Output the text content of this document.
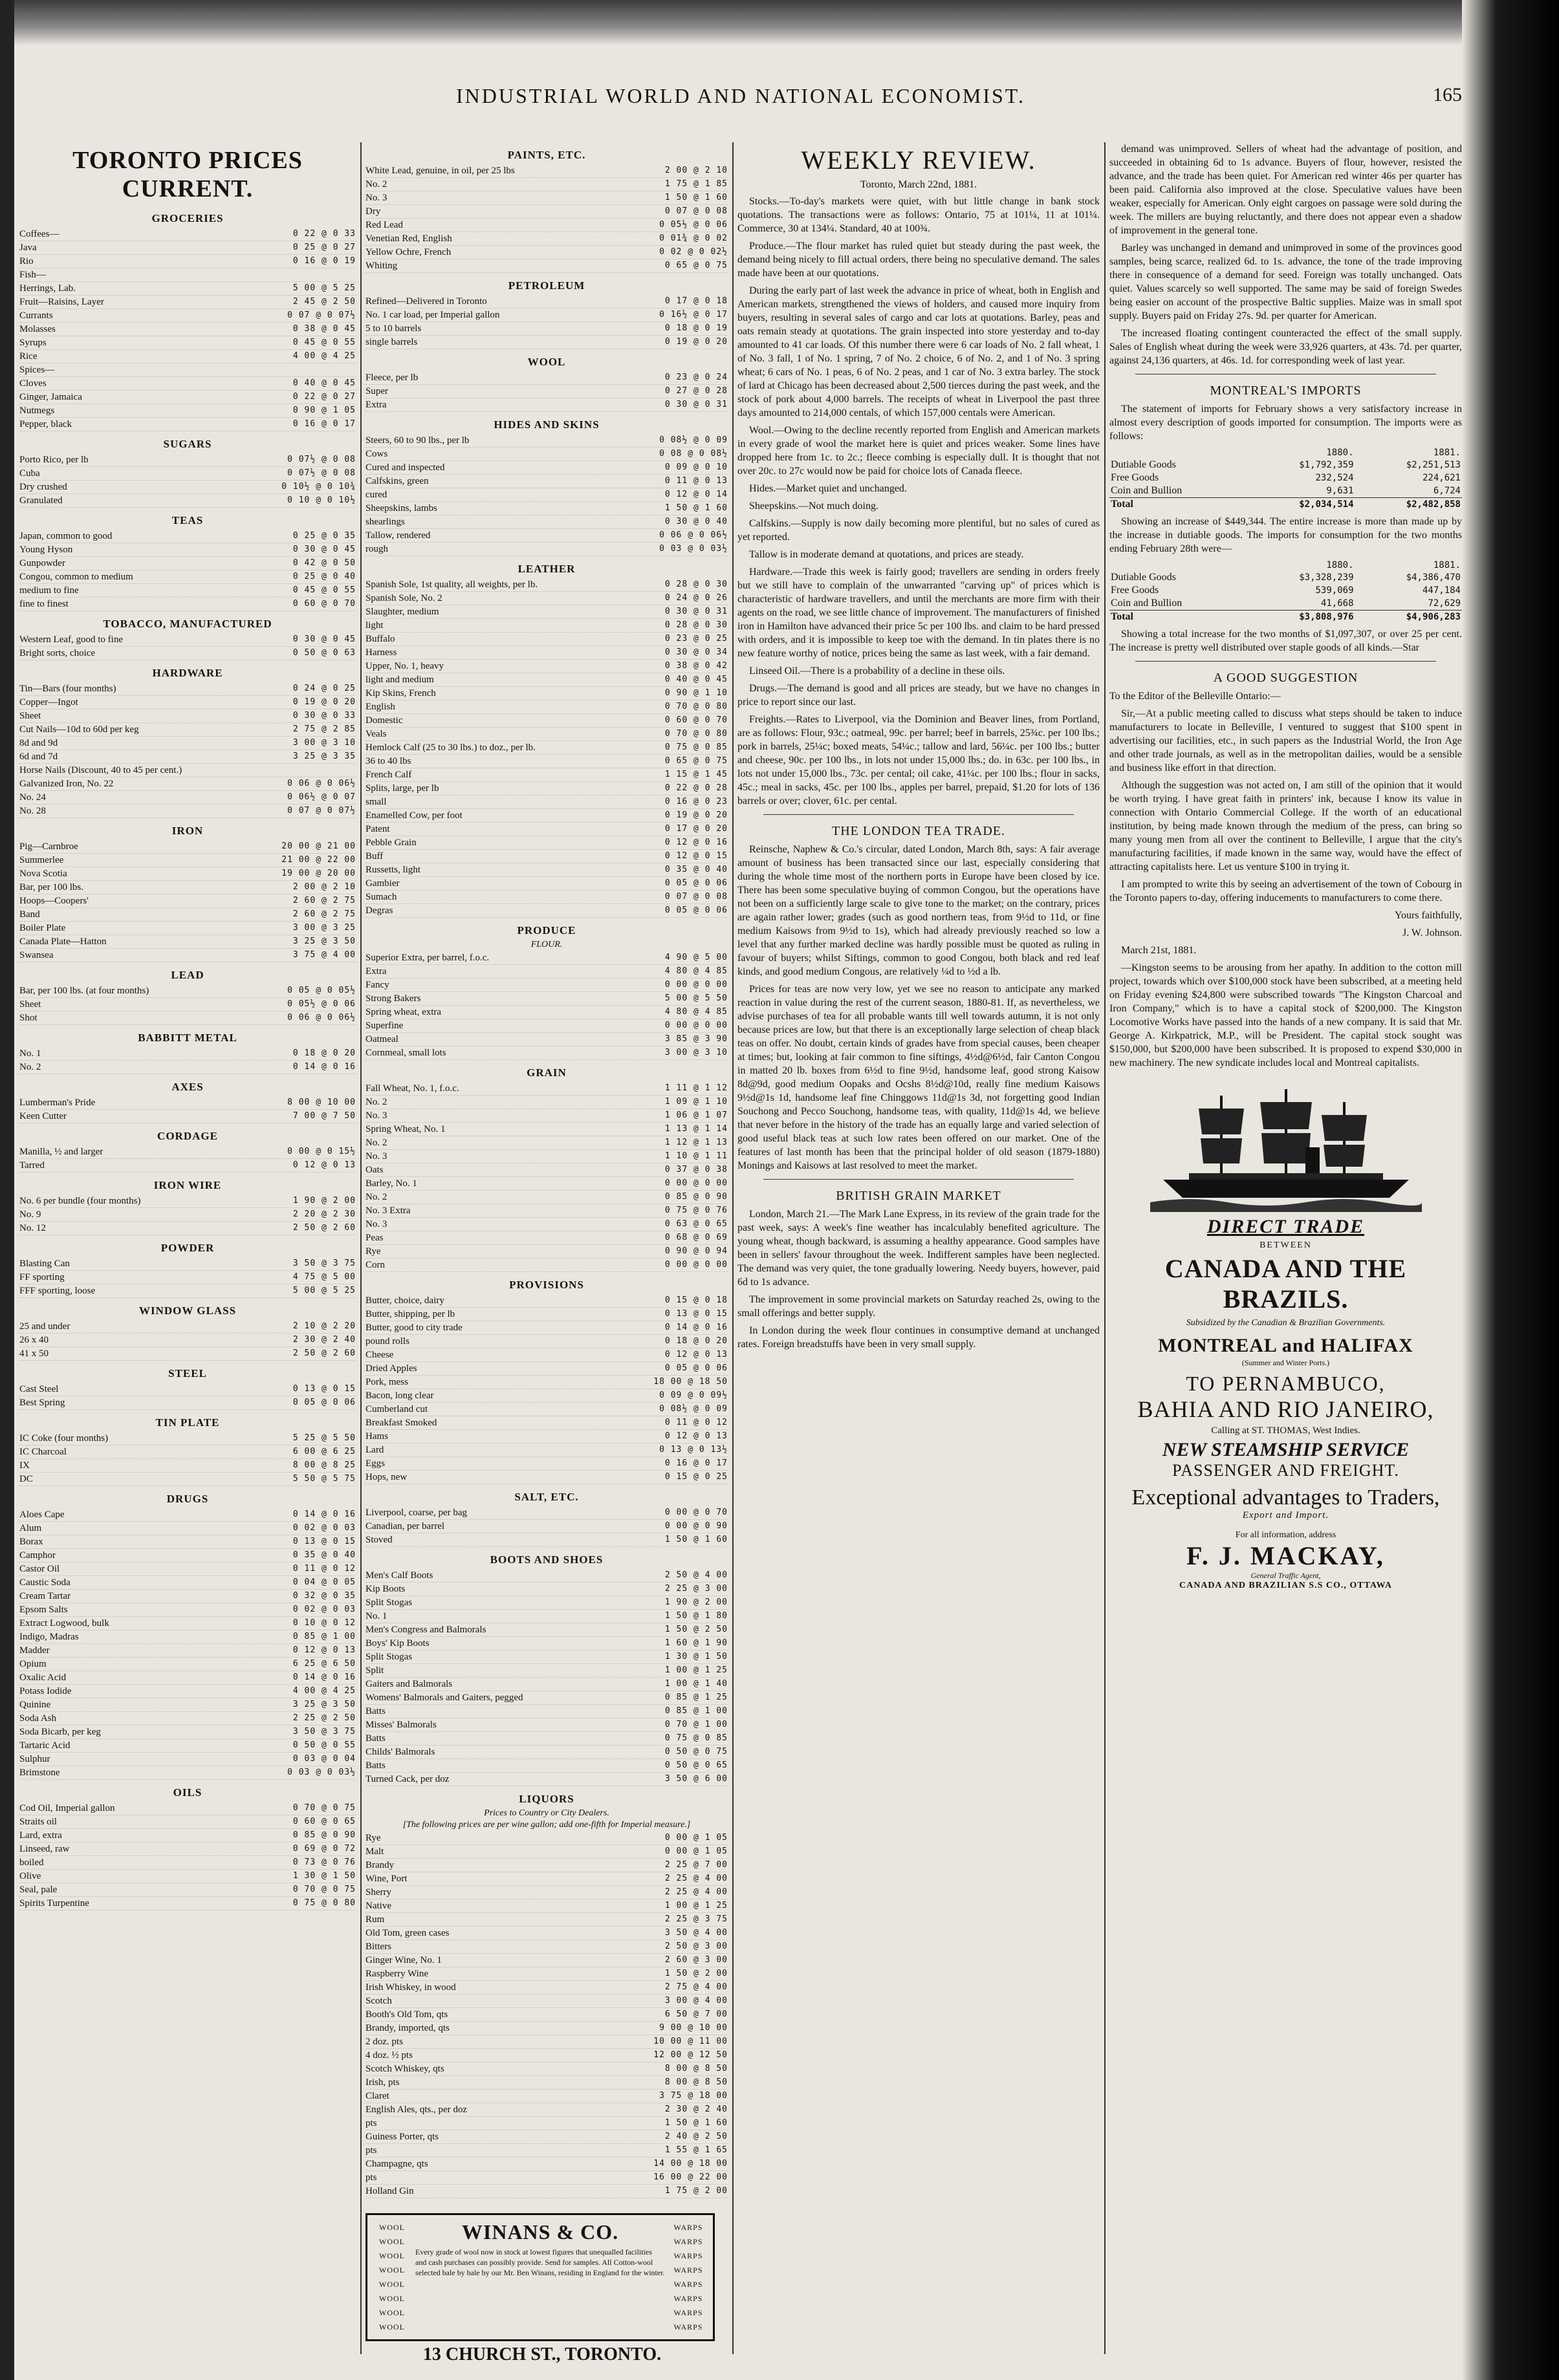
INDUSTRIAL WORLD AND NATIONAL ECONOMIST.	165
TORONTO PRICES CURRENT.
GROCERIES
Coffees—	0 22 @ 0 33
Java	0 25 @ 0 27
Rio	0 16 @ 0 19
Fish—
Herrings, Lab.	5 00 @ 5 25
Fruit—Raisins, Layer	2 45 @ 2 50
Currants	0 07 @ 0 07½
Molasses	0 38 @ 0 45
Syrups	0 45 @ 0 55
Rice	4 00 @ 4 25
Spices—
Cloves	0 40 @ 0 45
Ginger, Jamaica	0 22 @ 0 27
Nutmegs	0 90 @ 1 05
Pepper, black	0 16 @ 0 17
SUGARS
Porto Rico, per lb	0 07½ @ 0 08
Cuba	0 07½ @ 0 08
Dry crushed	0 10½ @ 0 10¾
Granulated	0 10 @ 0 10½
TEAS
Japan, common to good	0 25 @ 0 35
Young Hyson	0 30 @ 0 45
Gunpowder	0 42 @ 0 50
Congou, common to medium	0 25 @ 0 40
medium to fine	0 45 @ 0 55
fine to finest	0 60 @ 0 70
TOBACCO, MANUFACTURED
Western Leaf, good to fine	0 30 @ 0 45
Bright sorts, choice	0 50 @ 0 63
HARDWARE
Tin—Bars (four months)	0 24 @ 0 25
Copper—Ingot	0 19 @ 0 20
Sheet	0 30 @ 0 33
Cut Nails—10d to 60d per keg	2 75 @ 2 85
8d and 9d	3 00 @ 3 10
6d and 7d	3 25 @ 3 35
Horse Nails (Discount, 40 to 45 per cent.)
Galvanized Iron, No. 22	0 06 @ 0 06½
No. 24	0 06½ @ 0 07
No. 28	0 07 @ 0 07½
IRON
Pig—Carnbroe	20 00 @ 21 00
Summerlee	21 00 @ 22 00
Nova Scotia	19 00 @ 20 00
Bar, per 100 lbs.	2 00 @ 2 10
Hoops—Coopers'	2 60 @ 2 75
Band	2 60 @ 2 75
Boiler Plate	3 00 @ 3 25
Canada Plate—Hatton	3 25 @ 3 50
Swansea	3 75 @ 4 00
LEAD
Bar, per 100 lbs. (at four months)	0 05 @ 0 05½
Sheet	0 05½ @ 0 06
Shot	0 06 @ 0 06½
BABBITT METAL
No. 1	0 18 @ 0 20
No. 2	0 14 @ 0 16
AXES
Lumberman's Pride	8 00 @ 10 00
Keen Cutter	7 00 @ 7 50
CORDAGE
Manilla, ½ and larger	0 00 @ 0 15½
Tarred	0 12 @ 0 13
IRON WIRE
No. 6 per bundle (four months)	1 90 @ 2 00
No. 9	2 20 @ 2 30
No. 12	2 50 @ 2 60
POWDER
Blasting Can	3 50 @ 3 75
FF sporting	4 75 @ 5 00
FFF sporting, loose	5 00 @ 5 25
WINDOW GLASS
25 and under	2 10 @ 2 20
26 x 40	2 30 @ 2 40
41 x 50	2 50 @ 2 60
STEEL
Cast Steel	0 13 @ 0 15
Best Spring	0 05 @ 0 06
TIN PLATE
IC Coke (four months)	5 25 @ 5 50
IC Charcoal	6 00 @ 6 25
IX	8 00 @ 8 25
DC	5 50 @ 5 75
DRUGS
Aloes Cape	0 14 @ 0 16
Alum	0 02 @ 0 03
Borax	0 13 @ 0 15
Camphor	0 35 @ 0 40
Castor Oil	0 11 @ 0 12
Caustic Soda	0 04 @ 0 05
Cream Tartar	0 32 @ 0 35
Epsom Salts	0 02 @ 0 03
Extract Logwood, bulk	0 10 @ 0 12
Indigo, Madras	0 85 @ 1 00
Madder	0 12 @ 0 13
Opium	6 25 @ 6 50
Oxalic Acid	0 14 @ 0 16
Potass Iodide	4 00 @ 4 25
Quinine	3 25 @ 3 50
Soda Ash	2 25 @ 2 50
Soda Bicarb, per keg	3 50 @ 3 75
Tartaric Acid	0 50 @ 0 55
Sulphur	0 03 @ 0 04
Brimstone	0 03 @ 0 03½
OILS
Cod Oil, Imperial gallon	0 70 @ 0 75
Straits oil	0 60 @ 0 65
Lard, extra	0 85 @ 0 90
Linseed, raw	0 69 @ 0 72
boiled	0 73 @ 0 76
Olive	1 30 @ 1 50
Seal, pale	0 70 @ 0 75
Spirits Turpentine	0 75 @ 0 80
PAINTS, ETC.
White Lead, genuine, in oil, per 25 lbs	2 00 @ 2 10
No. 2	1 75 @ 1 85
No. 3	1 50 @ 1 60
Dry	0 07 @ 0 08
Red Lead	0 05½ @ 0 06
Venetian Red, English	0 01¾ @ 0 02
Yellow Ochre, French	0 02 @ 0 02½
Whiting	0 65 @ 0 75
PETROLEUM
Refined—Delivered in Toronto	0 17 @ 0 18
No. 1 car load, per Imperial gallon	0 16½ @ 0 17
5 to 10 barrels	0 18 @ 0 19
single barrels	0 19 @ 0 20
WOOL
Fleece, per lb	0 23 @ 0 24
Super	0 27 @ 0 28
Extra	0 30 @ 0 31
HIDES AND SKINS
Steers, 60 to 90 lbs., per lb	0 08½ @ 0 09
Cows	0 08 @ 0 08½
Cured and inspected	0 09 @ 0 10
Calfskins, green	0 11 @ 0 13
cured	0 12 @ 0 14
Sheepskins, lambs	1 50 @ 1 60
shearlings	0 30 @ 0 40
Tallow, rendered	0 06 @ 0 06½
rough	0 03 @ 0 03½
LEATHER
Spanish Sole, 1st quality, all weights, per lb.	0 28 @ 0 30
Spanish Sole, No. 2	0 24 @ 0 26
Slaughter, medium	0 30 @ 0 31
light	0 28 @ 0 30
Buffalo	0 23 @ 0 25
Harness	0 30 @ 0 34
Upper, No. 1, heavy	0 38 @ 0 42
light and medium	0 40 @ 0 45
Kip Skins, French	0 90 @ 1 10
English	0 70 @ 0 80
Domestic	0 60 @ 0 70
Veals	0 70 @ 0 80
Hemlock Calf (25 to 30 lbs.) to doz., per lb.	0 75 @ 0 85
36 to 40 lbs	0 65 @ 0 75
French Calf	1 15 @ 1 45
Splits, large, per lb	0 22 @ 0 28
small	0 16 @ 0 23
Enamelled Cow, per foot	0 19 @ 0 20
Patent	0 17 @ 0 20
Pebble Grain	0 12 @ 0 16
Buff	0 12 @ 0 15
Russetts, light	0 35 @ 0 40
Gambier	0 05 @ 0 06
Sumach	0 07 @ 0 08
Degras	0 05 @ 0 06
PRODUCE
FLOUR.
Superior Extra, per barrel, f.o.c.	4 90 @ 5 00
Extra	4 80 @ 4 85
Fancy	0 00 @ 0 00
Strong Bakers	5 00 @ 5 50
Spring wheat, extra	4 80 @ 4 85
Superfine	0 00 @ 0 00
Oatmeal	3 85 @ 3 90
Cornmeal, small lots	3 00 @ 3 10
GRAIN
Fall Wheat, No. 1, f.o.c.	1 11 @ 1 12
No. 2	1 09 @ 1 10
No. 3	1 06 @ 1 07
Spring Wheat, No. 1	1 13 @ 1 14
No. 2	1 12 @ 1 13
No. 3	1 10 @ 1 11
Oats	0 37 @ 0 38
Barley, No. 1	0 00 @ 0 00
No. 2	0 85 @ 0 90
No. 3 Extra	0 75 @ 0 76
No. 3	0 63 @ 0 65
Peas	0 68 @ 0 69
Rye	0 90 @ 0 94
Corn	0 00 @ 0 00
PROVISIONS
Butter, choice, dairy	0 15 @ 0 18
Butter, shipping, per lb	0 13 @ 0 15
Butter, good to city trade	0 14 @ 0 16
pound rolls	0 18 @ 0 20
Cheese	0 12 @ 0 13
Dried Apples	0 05 @ 0 06
Pork, mess	18 00 @ 18 50
Bacon, long clear	0 09 @ 0 09½
Cumberland cut	0 08½ @ 0 09
Breakfast Smoked	0 11 @ 0 12
Hams	0 12 @ 0 13
Lard	0 13 @ 0 13½
Eggs	0 16 @ 0 17
Hops, new	0 15 @ 0 25
SALT, ETC.
Liverpool, coarse, per bag	0 00 @ 0 70
Canadian, per barrel	0 00 @ 0 90
Stoved	1 50 @ 1 60
BOOTS AND SHOES
Men's Calf Boots	2 50 @ 4 00
Kip Boots	2 25 @ 3 00
Split Stogas	1 90 @ 2 00
No. 1	1 50 @ 1 80
Men's Congress and Balmorals	1 50 @ 2 50
Boys' Kip Boots	1 60 @ 1 90
Split Stogas	1 30 @ 1 50
Split	1 00 @ 1 25
Gaiters and Balmorals	1 00 @ 1 40
Womens' Balmorals and Gaiters, pegged	0 85 @ 1 25
Batts	0 85 @ 1 00
Misses' Balmorals	0 70 @ 1 00
Batts	0 75 @ 0 85
Childs' Balmorals	0 50 @ 0 75
Batts	0 50 @ 0 65
Turned Cack, per doz	3 50 @ 6 00
LIQUORS
Prices to Country or City Dealers.
[The following prices are per wine gallon; add one-fifth for Imperial measure.]
Rye	0 00 @ 1 05
Malt	0 00 @ 1 05
Brandy	2 25 @ 7 00
Wine, Port	2 25 @ 4 00
Sherry	2 25 @ 4 00
Native	1 00 @ 1 25
Rum	2 25 @ 3 75
Old Tom, green cases	3 50 @ 4 00
Bitters	2 50 @ 3 00
Ginger Wine, No. 1	2 60 @ 3 00
Raspberry Wine	1 50 @ 2 00
Irish Whiskey, in wood	2 75 @ 4 00
Scotch	3 00 @ 4 00
Booth's Old Tom, qts	6 50 @ 7 00
Brandy, imported, qts	9 00 @ 10 00
2 doz. pts	10 00 @ 11 00
4 doz. ½ pts	12 00 @ 12 50
Scotch Whiskey, qts	8 00 @ 8 50
Irish, pts	8 00 @ 8 50
Claret	3 75 @ 18 00
English Ales, qts., per doz	2 30 @ 2 40
pts	1 50 @ 1 60
Guiness Porter, qts	2 40 @ 2 50
pts	1 55 @ 1 65
Champagne, qts	14 00 @ 18 00
pts	16 00 @ 22 00
Holland Gin	1 75 @ 2 00
WOOL
WOOL
WOOL
WOOL
WOOL
WOOL
WOOL
WOOL
WINANS & CO.
Every grade of wool now in stock at lowest figures that unequalled facilities and cash purchases can possibly provide. Send for samples. All Cotton-wool selected bale by bale by our Mr. Ben Winans, residing in England for the winter.
WARPS
WARPS
WARPS
WARPS
WARPS
WARPS
WARPS
WARPS
13 CHURCH ST., TORONTO.
WEEKLY REVIEW.
Toronto, March 22nd, 1881.

Stocks.—To-day's markets were quiet, with but little change in bank stock quotations. The transactions were as follows: Ontario, 75 at 101¼, 11 at 101¼. Commerce, 30 at 134¼. Standard, 40 at 100¾.

Produce.—The flour market has ruled quiet but steady during the past week, the demand being nicely to fill actual orders, there being no speculative demand. The sales made have been at our quotations.

During the early part of last week the advance in price of wheat, both in English and American markets, strengthened the views of holders, and caused more inquiry from buyers, resulting in several sales of cargo and car lots at quotations. Barley, peas and oats remain steady at quotations. The grain inspected into store yesterday and to-day amounted to 41 car loads. Of this number there were 6 car loads of No. 2 fall wheat, 1 of No. 3 fall, 1 of No. 1 spring, 7 of No. 2 choice, 6 of No. 2, and 1 of No. 3 spring wheat; 6 cars of No. 1 peas, 6 of No. 2 peas, and 1 car of No. 3 extra barley. The stock of lard at Chicago has been decreased about 2,500 tierces during the past week, and the stock of pork about 4,000 barrels. The receipts of wheat in Liverpool the past three days amounted to 214,000 centals, of which 157,000 centals were American.

Wool.—Owing to the decline recently reported from English and American markets in every grade of wool the market here is quiet and prices weaker. Some lines have dropped here from 1c. to 2c.; fleece combing is especially dull. It is thought that not over 20c. to 27c would now be paid for choice lots of Canada fleece.

Hides.—Market quiet and unchanged.

Sheepskins.—Not much doing.

Calfskins.—Supply is now daily becoming more plentiful, but no sales of cured as yet reported.

Tallow is in moderate demand at quotations, and prices are steady.

Hardware.—Trade this week is fairly good; travellers are sending in orders freely but we still have to complain of the unwarranted "carving up" of prices which is characteristic of hardware travellers, and until the merchants are more firm with their agents on the road, we see little chance of improvement. The manufacturers of finished iron in Hamilton have advanced their price 5c per 100 lbs. and claim to be hard pressed with orders, and it is impossible to keep toe with the demand. In tin plates there is no new feature worthy of notice, prices being the same as last week, with a fair demand.

Linseed Oil.—There is a probability of a decline in these oils.

Drugs.—The demand is good and all prices are steady, but we have no changes in price to report since our last.

Freights.—Rates to Liverpool, via the Dominion and Beaver lines, from Portland, are as follows: Flour, 93c.; oatmeal, 99c. per barrel; beef in barrels, 25¾c. per 100 lbs.; pork in barrels, 25¼c; boxed meats, 54¼c.; tallow and lard, 56¼c. per 100 lbs.; butter and cheese, 90c. per 100 lbs., in lots not under 15,000 lbs.; do. in 63c. per 100 lbs., in lots not under 15,000 lbs., 73c. per cental; oil cake, 41¼c. per 100 lbs.; flour in sacks, 45c.; meal in sacks, 45c. per 100 lbs., apples per barrel, prepaid, $1.20 for lots of 136 barrels or over; clover, 61c. per cental.

THE LONDON TEA TRADE.

Reinsche, Naphew & Co.'s circular, dated London, March 8th, says: A fair average amount of business has been transacted since our last, especially considering that during the whole time most of the northern ports in Europe have been closed by ice. There has been some speculative buying of common Congou, but the operations have not been on a sufficiently large scale to give tone to the market; on the contrary, prices are again rather lower; grades (such as good northern teas, from 9½d to 11d, or fine medium Kaisows from 9½d to 1s), which had already previously reached so low a level that any further marked decline was hardly possible must be quoted as ruling in favour of buyers; whilst Siftings, common to good Congou, both black and red leaf kinds, and good medium Congous, are relatively ¼d to ½d a lb.

Prices for teas are now very low, yet we see no reason to anticipate any marked reaction in value during the rest of the current season, 1880-81. If, as nevertheless, we advise purchases of tea for all probable wants till well towards autumn, it is not only because prices are low, but that there is an exceptionally large selection of cheap black teas on offer. No doubt, certain kinds of grades have from special causes, been cheaper at times; but, looking at fair common to fine siftings, 4½d@6½d, fair Canton Congou in matted 20 lb. boxes from 6½d to fine 9½d, handsome leaf, good strong Kaisow 8d@9d, good medium Oopaks and Ocshs 8½d@10d, really fine medium Kaisows 9½d@1s 1d, handsome leaf fine Chinggows 11d@1s 3d, not forgetting good Indian Souchong and Pecco Souchong, handsome teas, with quality, 11d@1s 4d, we believe that never before in the history of the trade has an equally large and varied selection of good useful black teas at such low rates been offered on our market. One of the features of last month has been that the principal holder of old season (1879-1880) Monings and Kaisows at last resolved to meet the market.

BRITISH GRAIN MARKET

London, March 21.—The Mark Lane Express, in its review of the grain trade for the past week, says: A week's fine weather has incalculably benefited agriculture. The young wheat, though backward, is assuming a healthy appearance. Good samples have been in sellers' favour throughout the week. Indifferent samples have been neglected. The demand was very quiet, the tone gradually lowering. Needy buyers, however, paid 6d to 1s advance.

The improvement in some provincial markets on Saturday reached 2s, owing to the small offerings and better supply.

In London during the week flour continues in consumptive demand at unchanged rates. Foreign breadstuffs have been in very small supply.

demand was unimproved. Sellers of wheat had the advantage of position, and succeeded in obtaining 6d to 1s advance. Buyers of flour, however, resisted the advance, and the trade has been quiet. For American red winter 46s per quarter has been paid. California also improved at the close. Speculative values have been weaker, especially for American. Only eight cargoes on passage were sold during the week. The millers are buying reluctantly, and there does not appear even a shadow of improvement in the general tone.

Barley was unchanged in demand and unimproved in some of the provinces good samples, being scarce, realized 6d. to 1s. advance, the tone of the trade improving there in consequence of a demand for seed. Foreign was totally unchanged. Oats quiet. Values scarcely so well supported. The same may be said of foreign Swedes being easier on account of the prospective Baltic supplies. Maize was in small spot supply. Buyers paid on Friday 27s. 9d. per quarter for American.

The increased floating contingent counteracted the effect of the small supply. Sales of English wheat during the week were 33,926 quarters, at 43s. 7d. per quarter, against 24,136 quarters, at 46s. 1d. for corresponding week of last year.

MONTREAL'S IMPORTS

The statement of imports for February shows a very satisfactory increase in almost every description of goods imported for consumption. The imports were as follows:

	1880.	1881.
Dutiable Goods	$1,792,359	$2,251,513
Free Goods	232,524	224,621
Coin and Bullion	9,631	6,724
Total	$2,034,514	$2,482,858

Showing an increase of $449,344. The entire increase is more than made up by the increase in dutiable goods. The imports for consumption for the two months ending February 28th were—

	1880.	1881.
Dutiable Goods	$3,328,239	$4,386,470
Free Goods	539,069	447,184
Coin and Bullion	41,668	72,629
Total	$3,808,976	$4,906,283

Showing a total increase for the two months of $1,097,307, or over 25 per cent. The increase is pretty well distributed over staple goods of all kinds.—Star

A GOOD SUGGESTION

To the Editor of the Belleville Ontario:—

Sir,—At a public meeting called to discuss what steps should be taken to induce manufacturers to locate in Belleville, I ventured to suggest that $100 spent in advertising our facilities, etc., in such papers as the Industrial World, the Iron Age and other trade journals, as well as in the metropolitan dailies, would be a sensible and business like effort in that direction.

Although the suggestion was not acted on, I am still of the opinion that it would be worth trying. I have great faith in printers' ink, because I know its value in connection with Ontario Commercial College. If the worth of an educational institution, by being made known through the medium of the press, can bring so many young men from all over the continent to Belleville, I argue that the city's manufacturing facilities, if made known in the same way, would have the effect of attracting capitalists here. Let us venture $100 in trying it.

I am prompted to write this by seeing an advertisement of the town of Cobourg in the Toronto papers to-day, offering inducements to manufacturers to come there.

Yours faithfully,

J. W. Johnson.

March 21st, 1881.

—Kingston seems to be arousing from her apathy. In addition to the cotton mill project, towards which over $100,000 stock have been subscribed, at a meeting held on Friday evening $24,800 were subscribed towards "The Kingston Charcoal and Iron Company," which is to have a capital stock of $200,000. The Kingston Locomotive Works have passed into the hands of a new company. It is said that Mr. George A. Kirkpatrick, M.P., will be President. The capital stock sought was $150,000, but $200,000 have been subscribed. It is proposed to expend $30,000 in new machinery. The new syndicate includes local and Montreal capitalists.

DIRECT TRADE
BETWEEN
CANADA AND THE BRAZILS.
Subsidized by the Canadian & Brazilian Governments.
MONTREAL and HALIFAX
(Summer and Winter Ports.)
TO PERNAMBUCO,
BAHIA AND RIO JANEIRO,
Calling at ST. THOMAS, West Indies.
NEW STEAMSHIP SERVICE
PASSENGER AND FREIGHT.
Exceptional advantages to Traders,
Export and Import.
For all information, address
F. J. MACKAY,
General Traffic Agent,
CANADA AND BRAZILIAN S.S CO., OTTAWA
